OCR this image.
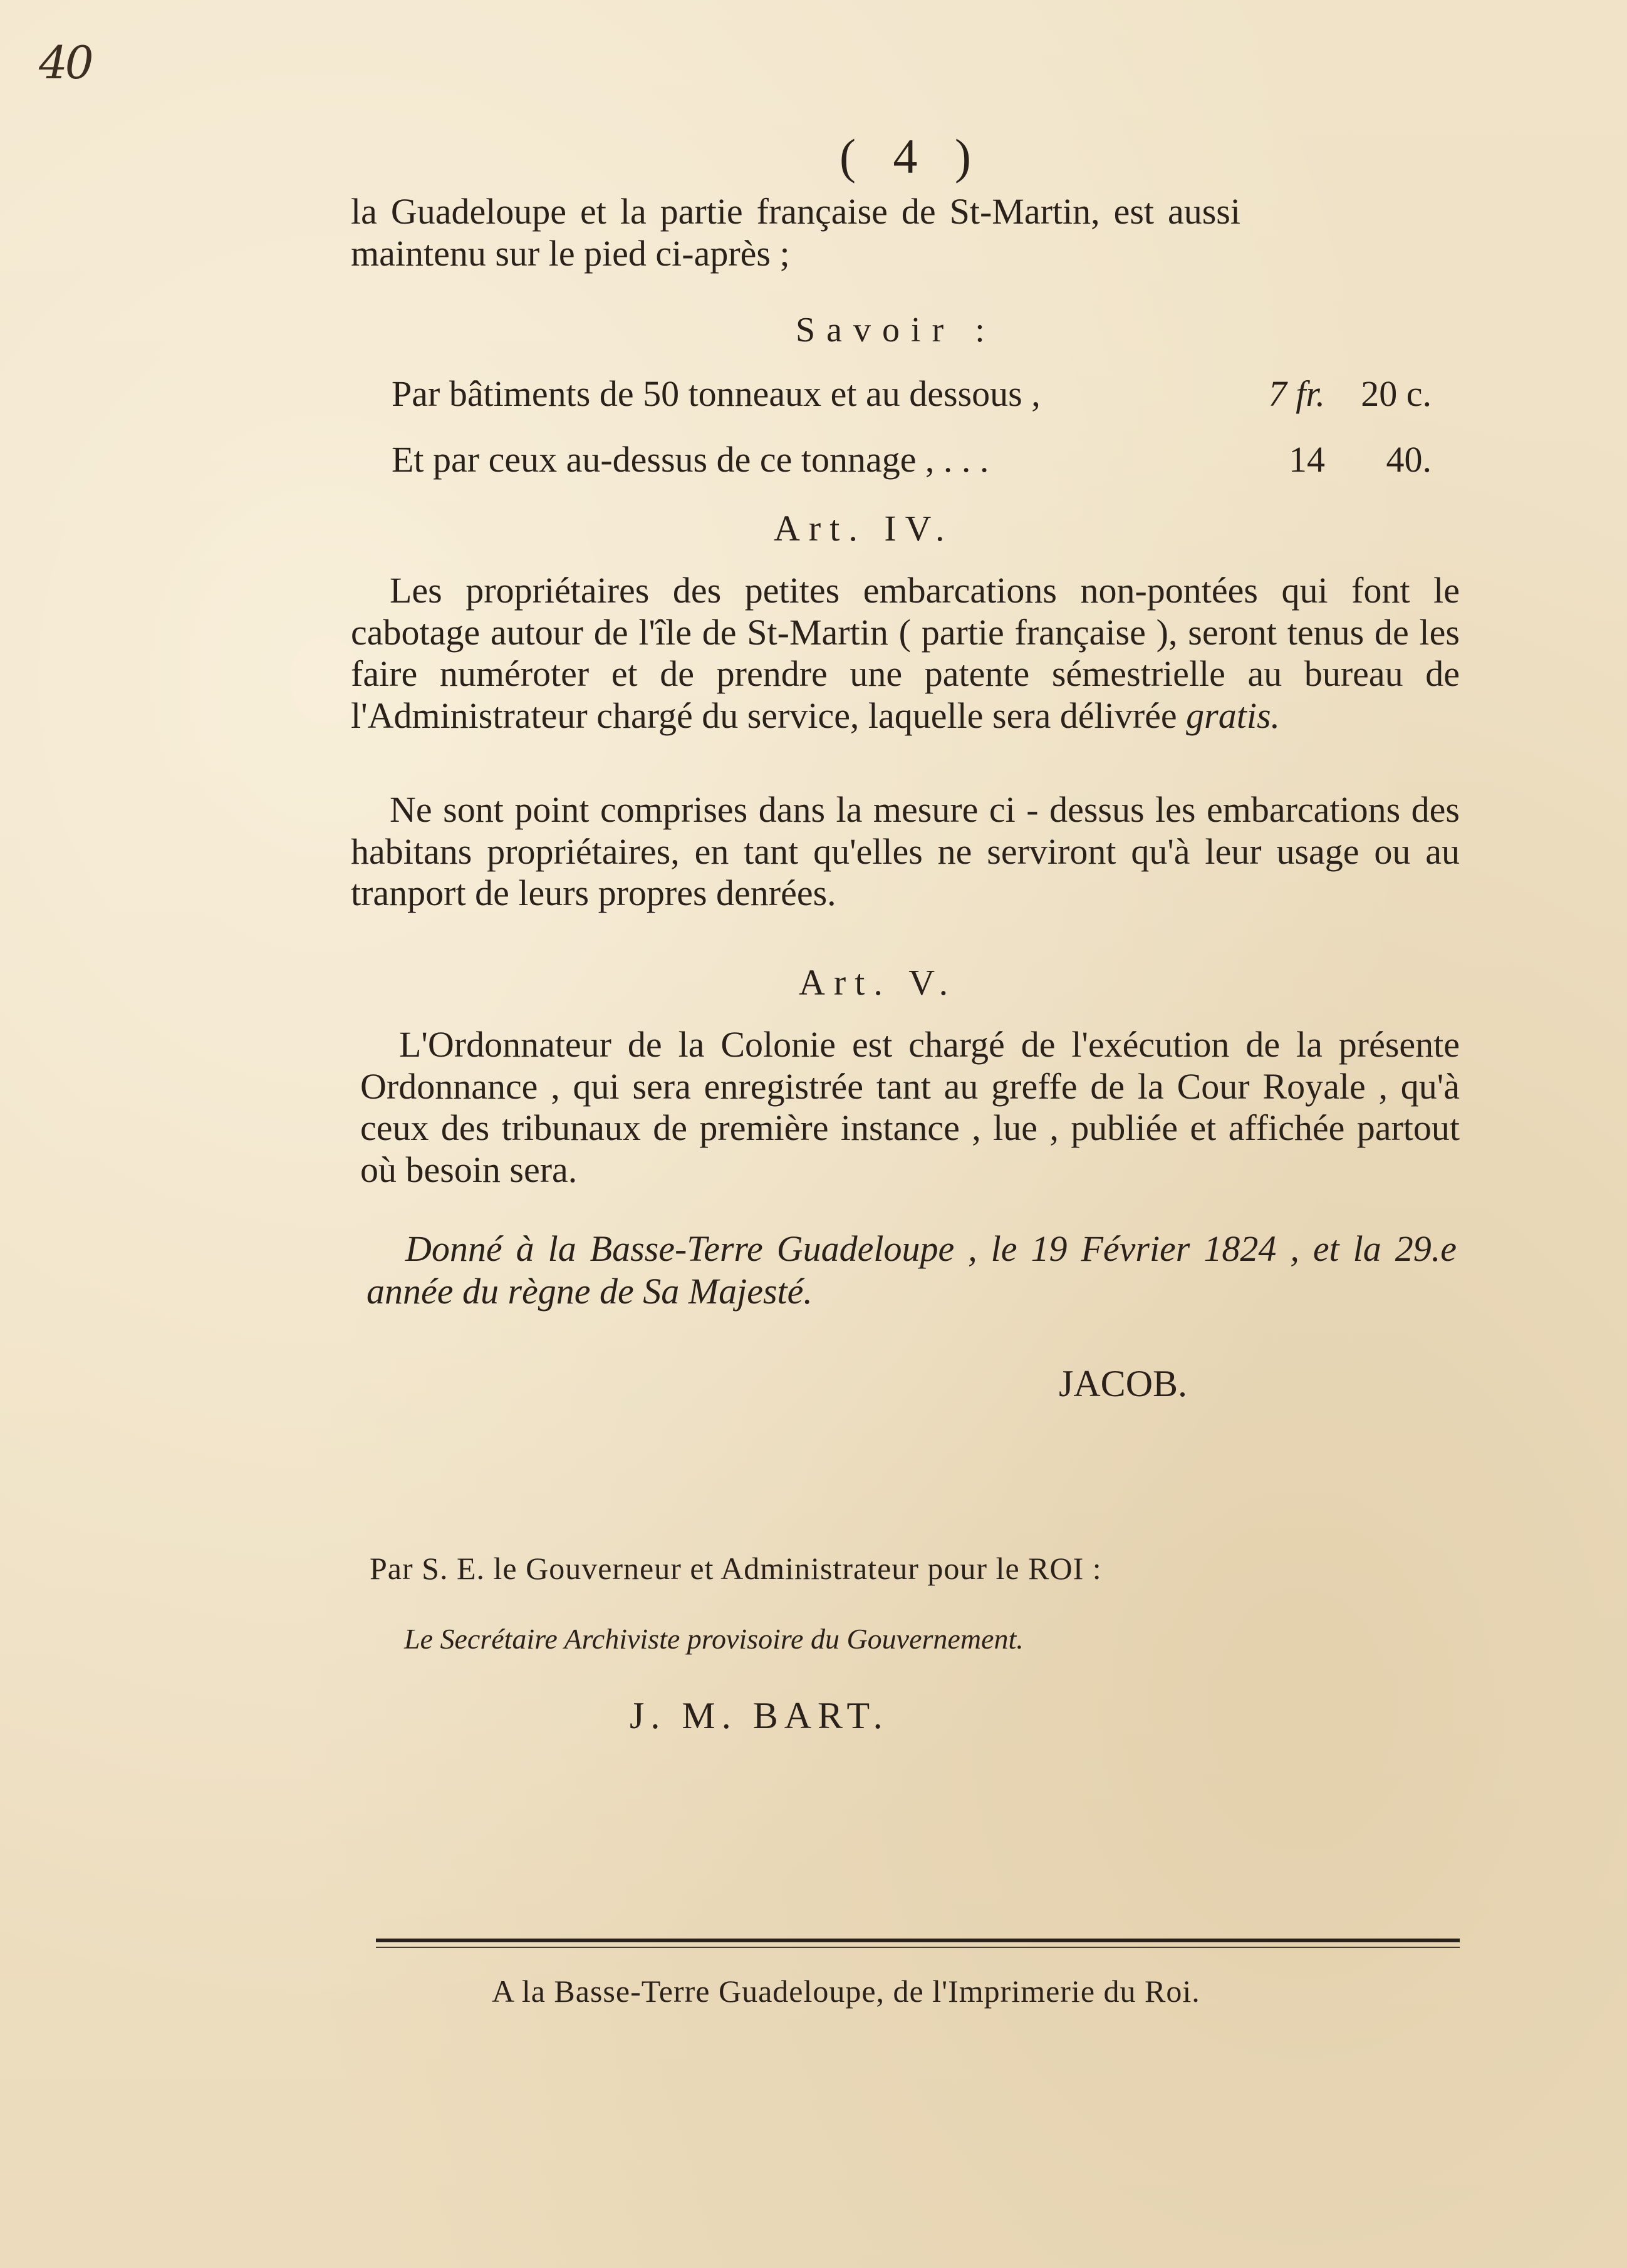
40
( 4 )
la Guadeloupe et la partie française de St-Martin, est aussi maintenu sur le pied ci-après ;
Savoir :
Par bâtiments de 50 tonneaux et au dessous ,	7 fr. 20 c.
Et par ceux au-dessus de ce tonnage , . . .	14	40.
Art. IV.
Les propriétaires des petites embarcations non-pontées qui font le cabotage autour de l'île de St-Martin ( partie française ), seront tenus de les faire numéroter et de prendre une patente sémestrielle au bureau de l'Administrateur chargé du service, laquelle sera délivrée gratis.
Ne sont point comprises dans la mesure ci - dessus les embarcations des habitans propriétaires, en tant qu'elles ne serviront qu'à leur usage ou au tranport de leurs propres denrées.
Art. V.
L'Ordonnateur de la Colonie est chargé de l'exécution de la présente Ordonnance , qui sera enregistrée tant au greffe de la Cour Royale , qu'à ceux des tribunaux de première instance , lue , publiée et affichée partout où besoin sera.
Donné à la Basse-Terre Guadeloupe , le 19 Février 1824 , et la 29.e année du règne de Sa Majesté.
JACOB.
Par S. E. le Gouverneur et Administrateur pour le ROI :
Le Secrétaire Archiviste provisoire du Gouvernement.
J. M. BART.
A la Basse-Terre Guadeloupe, de l'Imprimerie du Roi.
